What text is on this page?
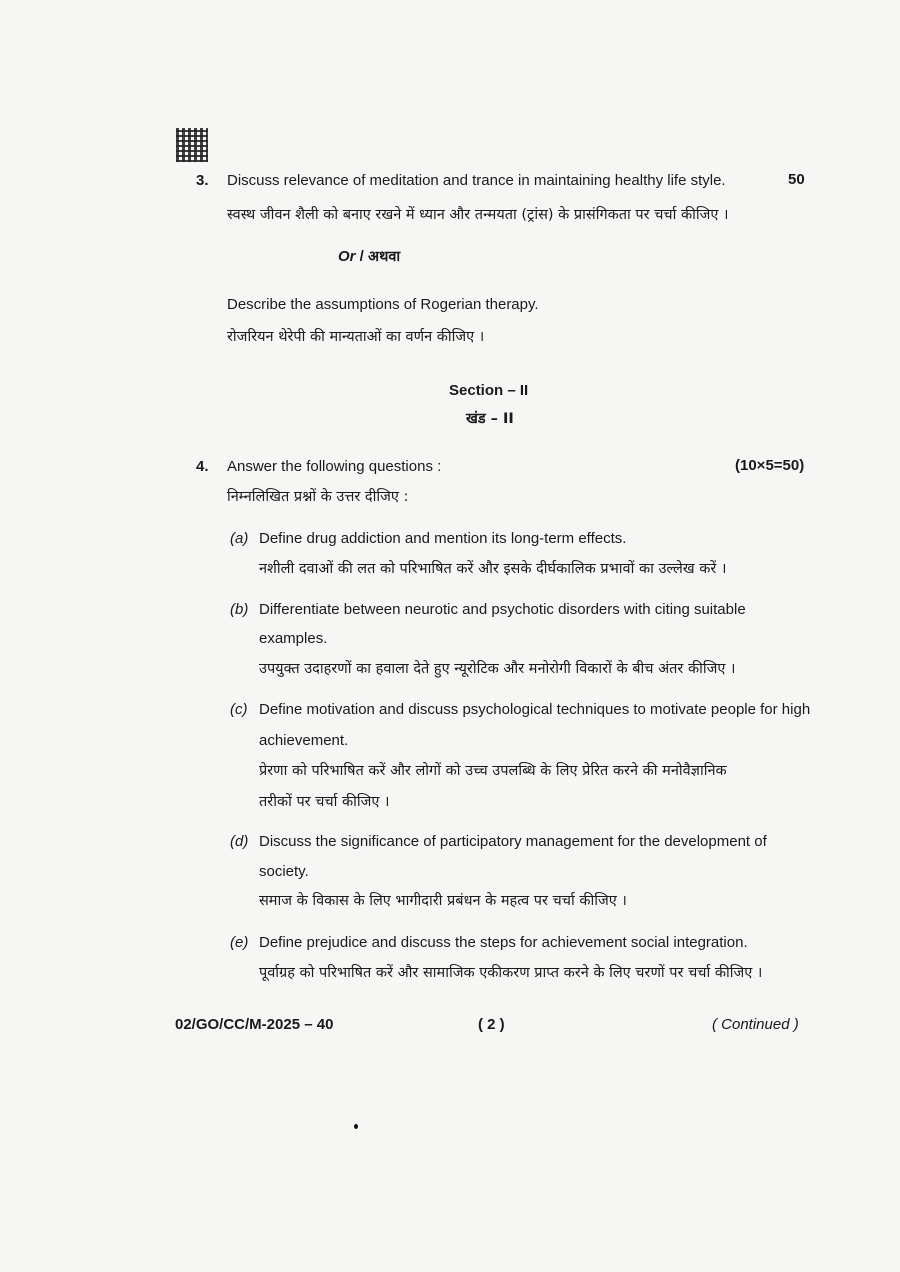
3. Discuss relevance of meditation and trance in maintaining healthy life style.	50
स्वस्थ जीवन शैली को बनाए रखने में ध्यान और तन्मयता (ट्रांस) के प्रासंगिकता पर चर्चा कीजिए ।
Or / अथवा
Describe the assumptions of Rogerian therapy.
रोजरियन थेरेपी की मान्यताओं का वर्णन कीजिए ।
Section – II
खंड – II
4. Answer the following questions :	(10×5=50)
निम्नलिखित प्रश्नों के उत्तर दीजिए :
(a) Define drug addiction and mention its long-term effects.
नशीली दवाओं की लत को परिभाषित करें और इसके दीर्घकालिक प्रभावों का उल्लेख करें ।
(b) Differentiate between neurotic and psychotic disorders with citing suitable
examples.
उपयुक्त उदाहरणों का हवाला देते हुए न्यूरोटिक और मनोरोगी विकारों के बीच अंतर कीजिए ।
(c) Define motivation and discuss psychological techniques to motivate people for high
achievement.
प्रेरणा को परिभाषित करें और लोगों को उच्च उपलब्धि के लिए प्रेरित करने की मनोवैज्ञानिक
तरीकों पर चर्चा कीजिए ।
(d) Discuss the significance of participatory management for the development of
society.
समाज के विकास के लिए भागीदारी प्रबंधन के महत्व पर चर्चा कीजिए ।
(e) Define prejudice and discuss the steps for achievement social integration.
पूर्वाग्रह को परिभाषित करें और सामाजिक एकीकरण प्राप्त करने के लिए चरणों पर चर्चा कीजिए ।
02/GO/CC/M-2025 – 40	( 2 )	( Continued )
